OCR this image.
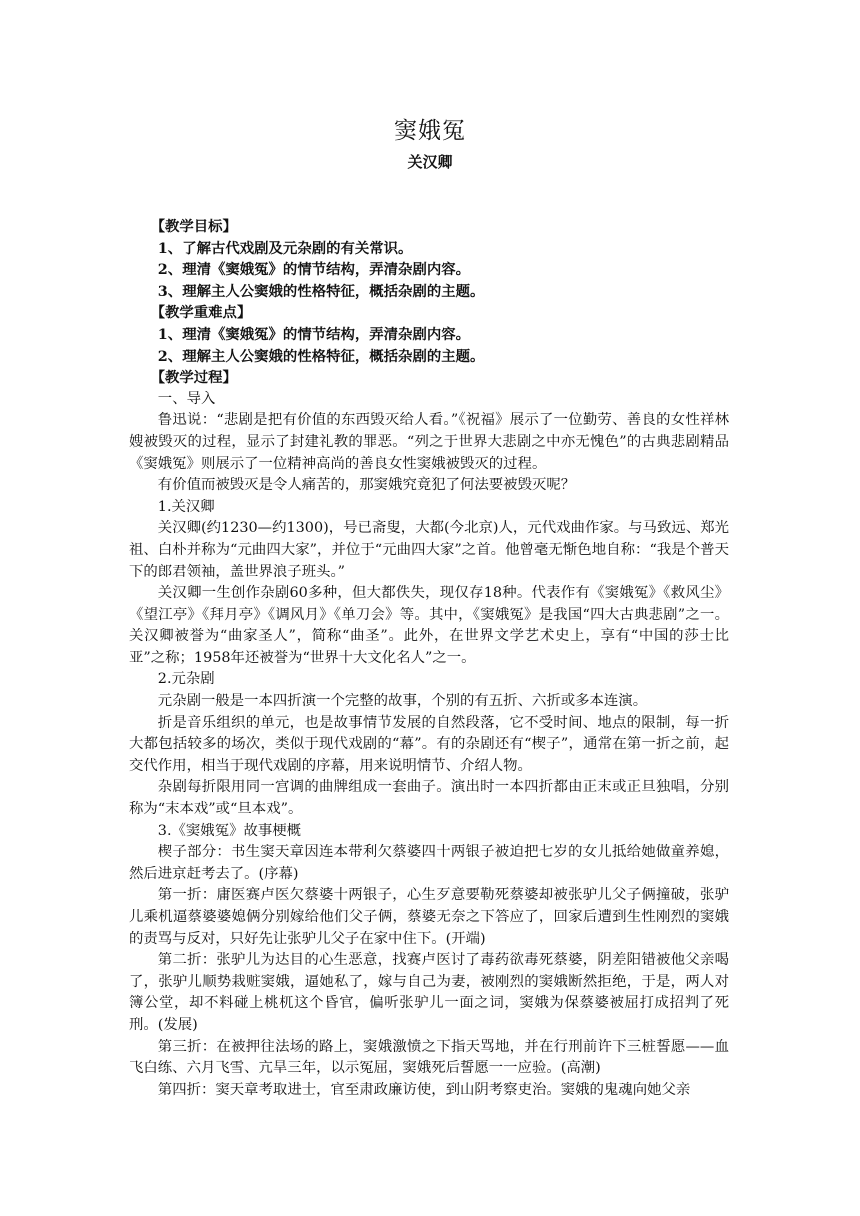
窦娥冤
关汉卿

【教学目标】

1、了解古代戏剧及元杂剧的有关常识。

2、理清《窦娥冤》的情节结构，弄清杂剧内容。

3、理解主人公窦娥的性格特征，概括杂剧的主题。

【教学重难点】

1、理清《窦娥冤》的情节结构，弄清杂剧内容。

2、理解主人公窦娥的性格特征，概括杂剧的主题。

【教学过程】

一、导入

鲁迅说：“悲剧是把有价值的东西毁灭给人看。”《祝福》展示了一位勤劳、善良的女性祥林嫂被毁灭的过程，显示了封建礼教的罪恶。“列之于世界大悲剧之中亦无愧色”的古典悲剧精品《窦娥冤》则展示了一位精神高尚的善良女性窦娥被毁灭的过程。

有价值而被毁灭是令人痛苦的，那窦娥究竟犯了何法要被毁灭呢？

1.关汉卿

关汉卿(约1230—约1300)，号已斋叟，大都(今北京)人，元代戏曲作家。与马致远、郑光祖、白朴并称为“元曲四大家”，并位于“元曲四大家”之首。他曾毫无惭色地自称：“我是个普天下的郎君领袖，盖世界浪子班头。”

关汉卿一生创作杂剧60多种，但大都佚失，现仅存18种。代表作有《窦娥冤》《救风尘》《望江亭》《拜月亭》《调风月》《单刀会》等。其中，《窦娥冤》是我国“四大古典悲剧”之一。关汉卿被誉为“曲家圣人”，简称“曲圣”。此外，在世界文学艺术史上，享有“中国的莎士比亚”之称；1958年还被誉为“世界十大文化名人”之一。

2.元杂剧

元杂剧一般是一本四折演一个完整的故事，个别的有五折、六折或多本连演。

折是音乐组织的单元，也是故事情节发展的自然段落，它不受时间、地点的限制，每一折大都包括较多的场次，类似于现代戏剧的“幕”。有的杂剧还有“楔子”，通常在第一折之前，起交代作用，相当于现代戏剧的序幕，用来说明情节、介绍人物。

杂剧每折限用同一宫调的曲牌组成一套曲子。演出时一本四折都由正末或正旦独唱，分别称为“末本戏”或“旦本戏”。

3.《窦娥冤》故事梗概

楔子部分：书生窦天章因连本带利欠蔡婆四十两银子被迫把七岁的女儿抵给她做童养媳，然后进京赶考去了。(序幕)

第一折：庸医赛卢医欠蔡婆十两银子，心生歹意要勒死蔡婆却被张驴儿父子俩撞破，张驴儿乘机逼蔡婆婆媳俩分别嫁给他们父子俩，蔡婆无奈之下答应了，回家后遭到生性刚烈的窦娥的责骂与反对，只好先让张驴儿父子在家中住下。(开端)

第二折：张驴儿为达目的心生恶意，找赛卢医讨了毒药欲毒死蔡婆，阴差阳错被他父亲喝了，张驴儿顺势栽赃窦娥，逼她私了，嫁与自己为妻，被刚烈的窦娥断然拒绝，于是，两人对簿公堂，却不料碰上桃杌这个昏官，偏听张驴儿一面之词，窦娥为保蔡婆被屈打成招判了死刑。(发展)

第三折：在被押往法场的路上，窦娥激愤之下指天骂地，并在行刑前许下三桩誓愿——血飞白练、六月飞雪、亢旱三年，以示冤屈，窦娥死后誓愿一一应验。(高潮)

第四折：窦天章考取进士，官至肃政廉访使，到山阴考察吏治。窦娥的鬼魂向她父亲
